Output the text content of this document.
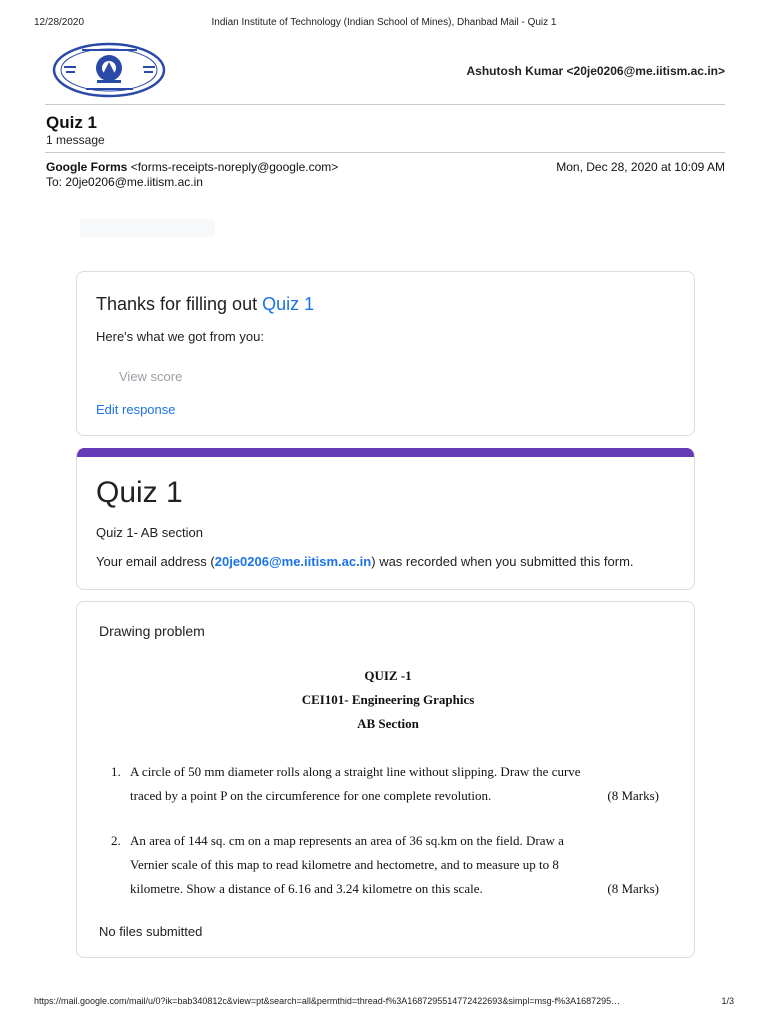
12/28/2020	Indian Institute of Technology (Indian School of Mines), Dhanbad Mail - Quiz 1
Ashutosh Kumar <20je0206@me.iitism.ac.in>
Quiz 1
1 message
Google Forms <forms-receipts-noreply@google.com>
To: 20je0206@me.iitism.ac.in
Mon, Dec 28, 2020 at 10:09 AM
Thanks for filling out Quiz 1
Here's what we got from you:
View score
Edit response
Quiz 1
Quiz 1- AB section
Your email address (20je0206@me.iitism.ac.in) was recorded when you submitted this form.
Drawing problem
QUIZ -1
CEI101- Engineering Graphics
AB Section
1. A circle of 50 mm diameter rolls along a straight line without slipping. Draw the curve
traced by a point P on the circumference for one complete revolution.	(8 Marks)
2. An area of 144 sq. cm on a map represents an area of 36 sq.km on the field. Draw a
Vernier scale of this map to read kilometre and hectometre, and to measure up to 8
kilometre. Show a distance of 6.16 and 3.24 kilometre on this scale.	(8 Marks)
No files submitted
https://mail.google.com/mail/u/0?ik=bab340812c&view=pt&search=all&permthid=thread-f%3A1687295514772422693&simpl=msg-f%3A1687295…	1/3
